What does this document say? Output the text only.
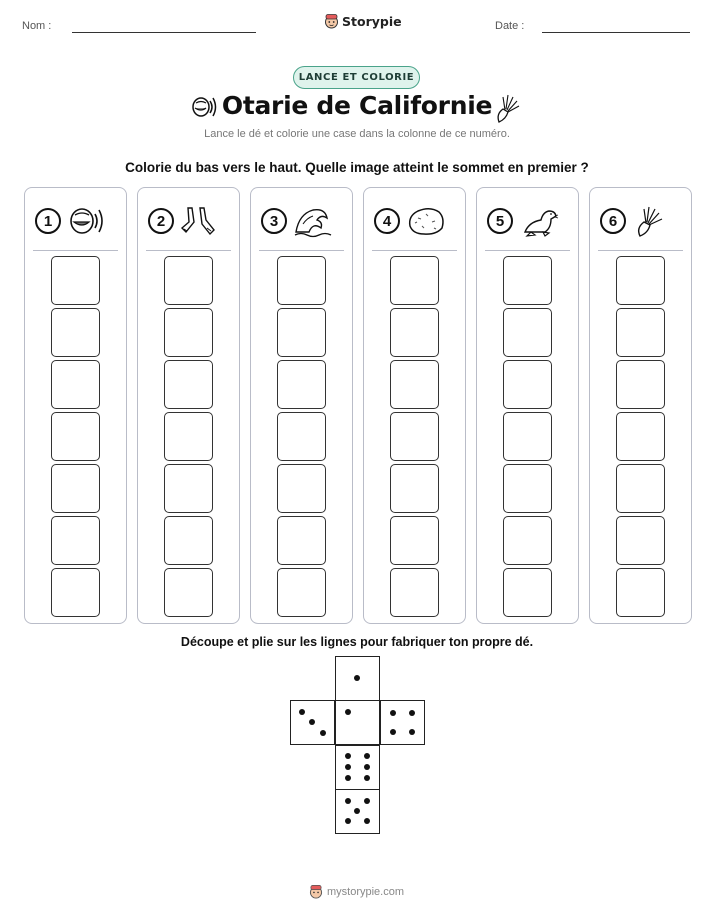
Nom :	Storypie	Date :
LANCE ET COLORIE
Otarie de Californie
Lance le dé et colorie une case dans la colonne de ce numéro.
Colorie du bas vers le haut. Quelle image atteint le sommet en premier ?
1	2	3	4	5	6
Découpe et plie sur les lignes pour fabriquer ton propre dé.
mystorypie.com
